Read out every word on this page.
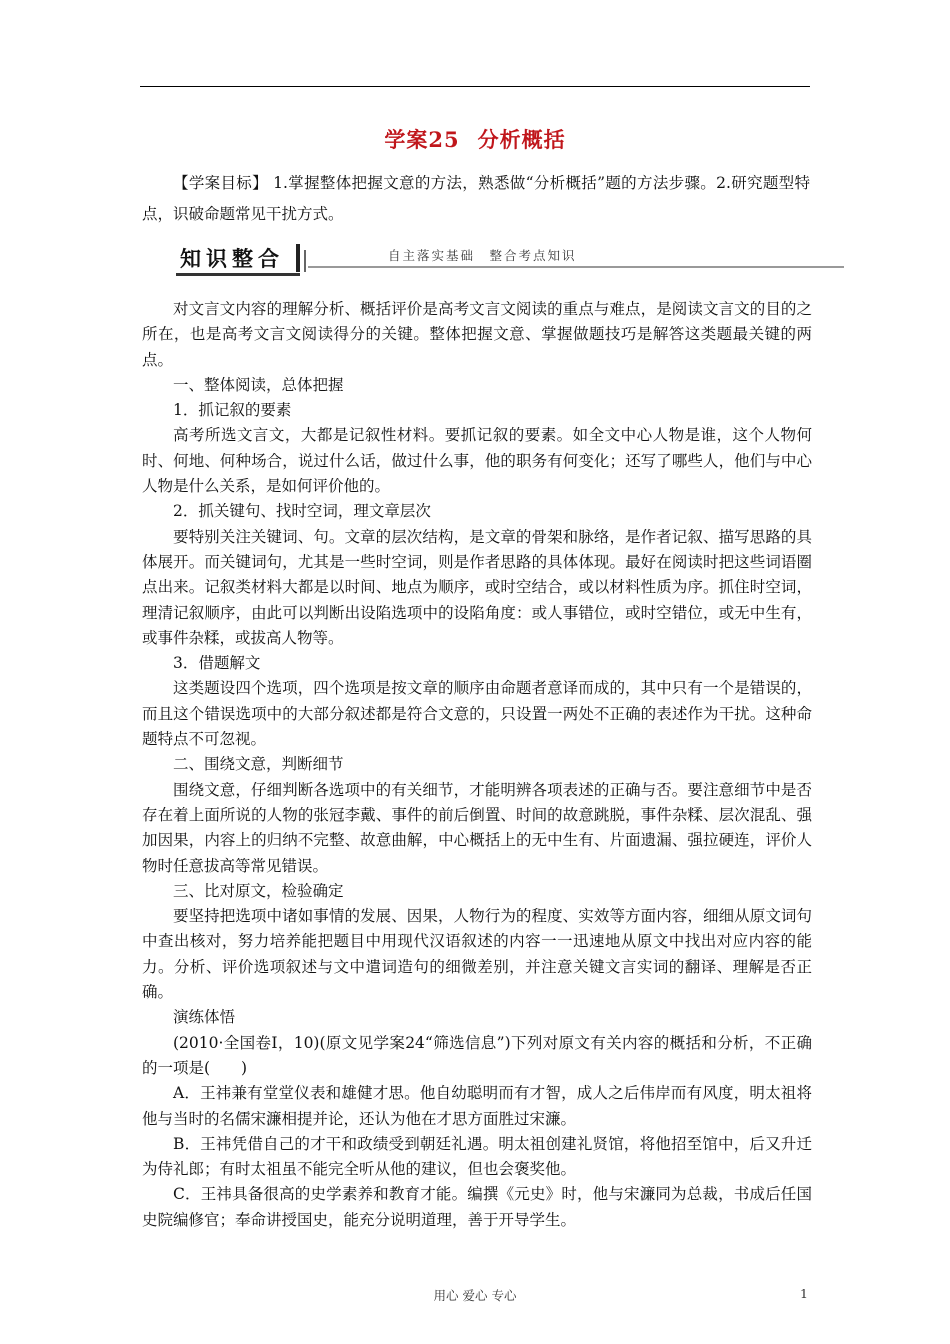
学案25 分析概括
【学案目标】 1.掌握整体把握文意的方法，熟悉做“分析概括”题的方法步骤。2.研究题型特点，识破命题常见干扰方式。
知识整合	自主落实基础　整合考点知识

对文言文内容的理解分析、概括评价是高考文言文阅读的重点与难点，是阅读文言文的目的之所在，也是高考文言文阅读得分的关键。整体把握文意、掌握做题技巧是解答这类题最关键的两点。

一、整体阅读，总体把握

1．抓记叙的要素

高考所选文言文，大都是记叙性材料。要抓记叙的要素。如全文中心人物是谁，这个人物何时、何地、何种场合，说过什么话，做过什么事，他的职务有何变化；还写了哪些人，他们与中心人物是什么关系，是如何评价他的。

2．抓关键句、找时空词，理文章层次

要特别关注关键词、句。文章的层次结构，是文章的骨架和脉络，是作者记叙、描写思路的具体展开。而关键词句，尤其是一些时空词，则是作者思路的具体体现。最好在阅读时把这些词语圈点出来。记叙类材料大都是以时间、地点为顺序，或时空结合，或以材料性质为序。抓住时空词，理清记叙顺序，由此可以判断出设陷选项中的设陷角度：或人事错位，或时空错位，或无中生有，或事件杂糅，或拔高人物等。

3．借题解文

这类题设四个选项，四个选项是按文章的顺序由命题者意译而成的，其中只有一个是错误的，而且这个错误选项中的大部分叙述都是符合文意的，只设置一两处不正确的表述作为干扰。这种命题特点不可忽视。

二、围绕文意，判断细节

围绕文意，仔细判断各选项中的有关细节，才能明辨各项表述的正确与否。要注意细节中是否存在着上面所说的人物的张冠李戴、事件的前后倒置、时间的故意跳脱，事件杂糅、层次混乱、强加因果，内容上的归纳不完整、故意曲解，中心概括上的无中生有、片面遗漏、强拉硬连，评价人物时任意拔高等常见错误。

三、比对原文，检验确定

要坚持把选项中诸如事情的发展、因果，人物行为的程度、实效等方面内容，细细从原文词句中查出核对，努力培养能把题目中用现代汉语叙述的内容一一迅速地从原文中找出对应内容的能力。分析、评价选项叙述与文中遣词造句的细微差别，并注意关键文言实词的翻译、理解是否正确。

演练体悟

(2010·全国卷Ⅰ，10)(原文见学案24“筛选信息”)下列对原文有关内容的概括和分析，不正确的一项是(　　)

A．王祎兼有堂堂仪表和雄健才思。他自幼聪明而有才智，成人之后伟岸而有风度，明太祖将他与当时的名儒宋濂相提并论，还认为他在才思方面胜过宋濂。

B．王祎凭借自己的才干和政绩受到朝廷礼遇。明太祖创建礼贤馆，将他招至馆中，后又升迁为侍礼郎；有时太祖虽不能完全听从他的建议，但也会褒奖他。

C．王祎具备很高的史学素养和教育才能。编撰《元史》时，他与宋濂同为总裁，书成后任国史院编修官；奉命讲授国史，能充分说明道理，善于开导学生。

用心 爱心 专心	1
